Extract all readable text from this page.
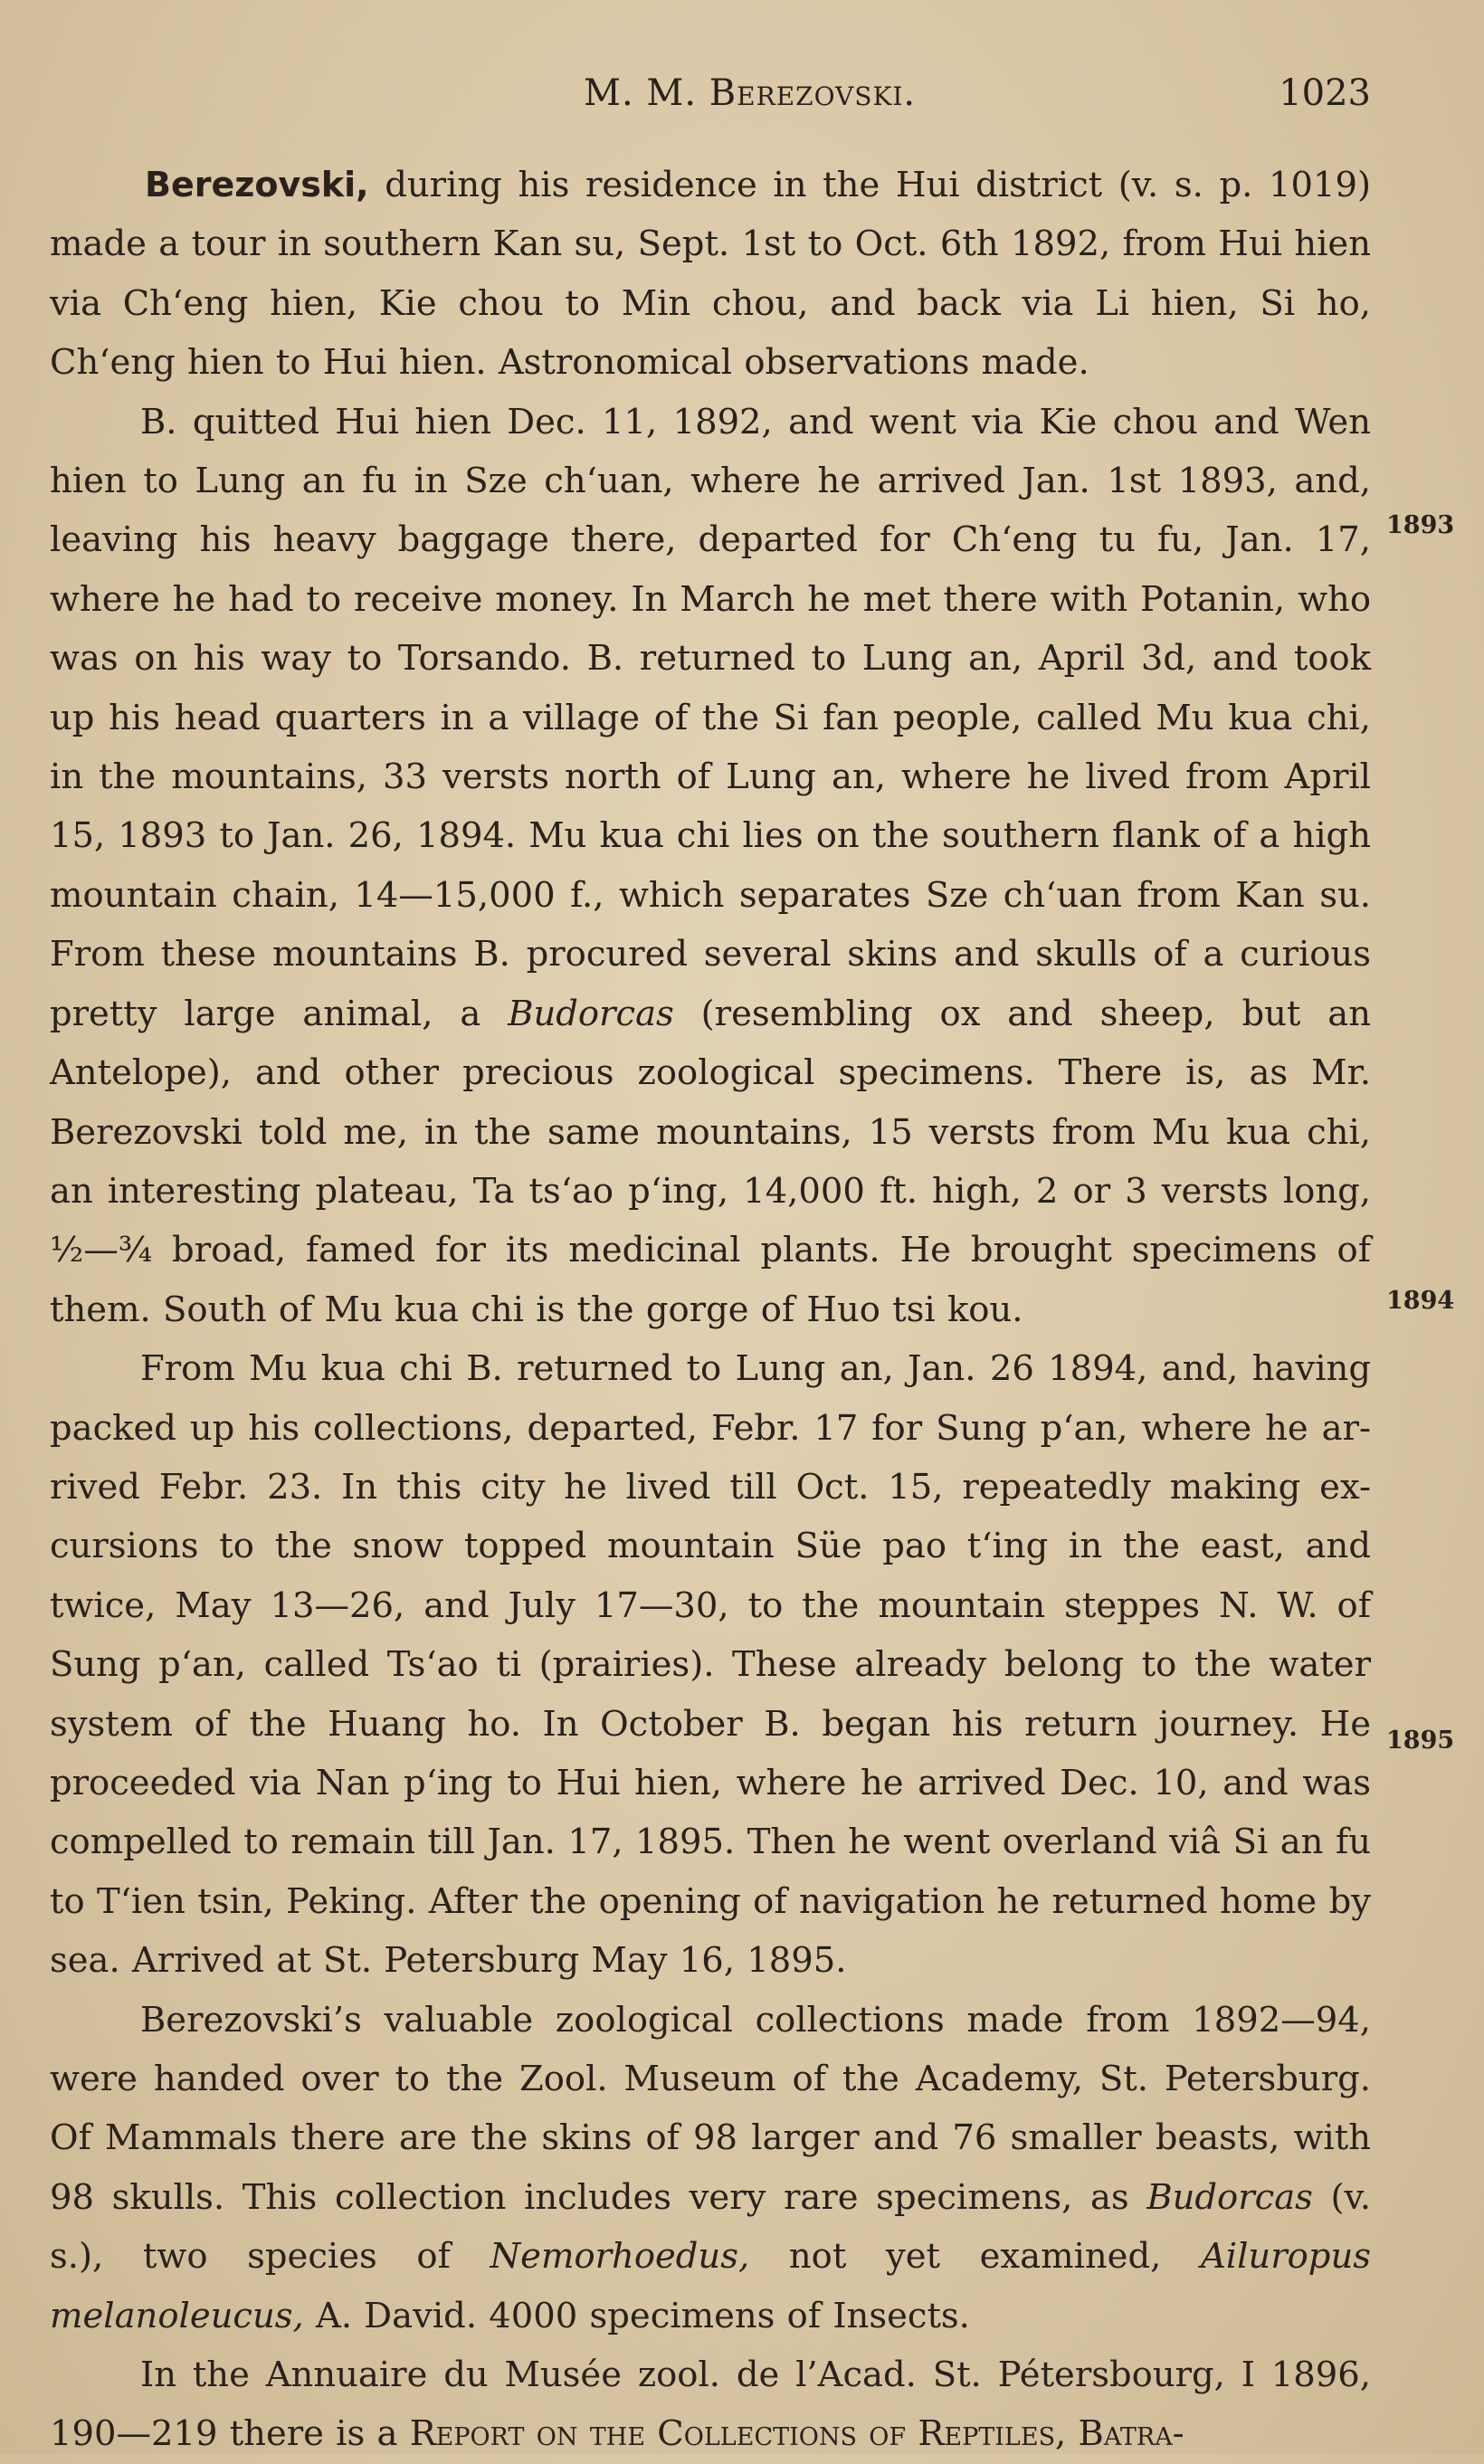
M. M. Berezovski.	1023
1893
1894
1895

Berezovski, during his residence in the Hui district (v. s. p. 1019) made a tour in southern Kan su, Sept. 1st to Oct. 6th 1892, from Hui hien via Chʻeng hien, Kie chou to Min chou, and back via Li hien, Si ho, Chʻeng hien to Hui hien. Astronomical observations made.

B. quitted Hui hien Dec. 11, 1892, and went via Kie chou and Wen hien to Lung an fu in Sze chʻuan, where he arrived Jan. 1st 1893, and, leaving his heavy baggage there, departed for Chʻeng tu fu, Jan. 17, where he had to receive money. In March he met there with Potanin, who was on his way to Torsando. B. returned to Lung an, April 3d, and took up his head quarters in a village of the Si fan people, called Mu kua chi, in the mountains, 33 versts north of Lung an, where he lived from April 15, 1893 to Jan. 26, 1894. Mu kua chi lies on the southern flank of a high mountain chain, 14—15,000 f., which separates Sze chʻuan from Kan su. From these mountains B. procured several skins and skulls of a curious pretty large animal, a Budorcas (resembling ox and sheep, but an Antelope), and other precious zoological specimens. There is, as Mr. Berezovski told me, in the same mountains, 15 versts from Mu kua chi, an interesting plateau, Ta tsʻao pʻing, 14,000 ft. high, 2 or 3 versts long, ½—¾ broad, famed for its medicinal plants. He brought specimens of them. South of Mu kua chi is the gorge of Huo tsi kou.

From Mu kua chi B. returned to Lung an, Jan. 26 1894, and, having packed up his collections, departed, Febr. 17 for Sung pʻan, where he ar-rived Febr. 23. In this city he lived till Oct. 15, repeatedly making ex-cursions to the snow topped mountain Süe pao tʻing in the east, and twice, May 13—26, and July 17—30, to the mountain steppes N. W. of Sung pʻan, called Tsʻao ti (prairies). These already belong to the water system of the Huang ho. In October B. began his return journey. He proceeded via Nan pʻing to Hui hien, where he arrived Dec. 10, and was compelled to remain till Jan. 17, 1895. Then he went overland viâ Si an fu to Tʻien tsin, Peking. After the opening of navigation he returned home by sea. Arrived at St. Petersburg May 16, 1895.

Berezovski’s valuable zoological collections made from 1892—94, were handed over to the Zool. Museum of the Academy, St. Petersburg. Of Mammals there are the skins of 98 larger and 76 smaller beasts, with 98 skulls. This collection includes very rare specimens, as Budorcas (v. s.), two species of Nemorhoedus, not yet examined, Ailuropus melanoleucus, A. David. 4000 specimens of Insects.

In the Annuaire du Musée zool. de l’Acad. St. Pétersbourg, I 1896, 190—219 there is a Report on the Collections of Reptiles, Batra-
